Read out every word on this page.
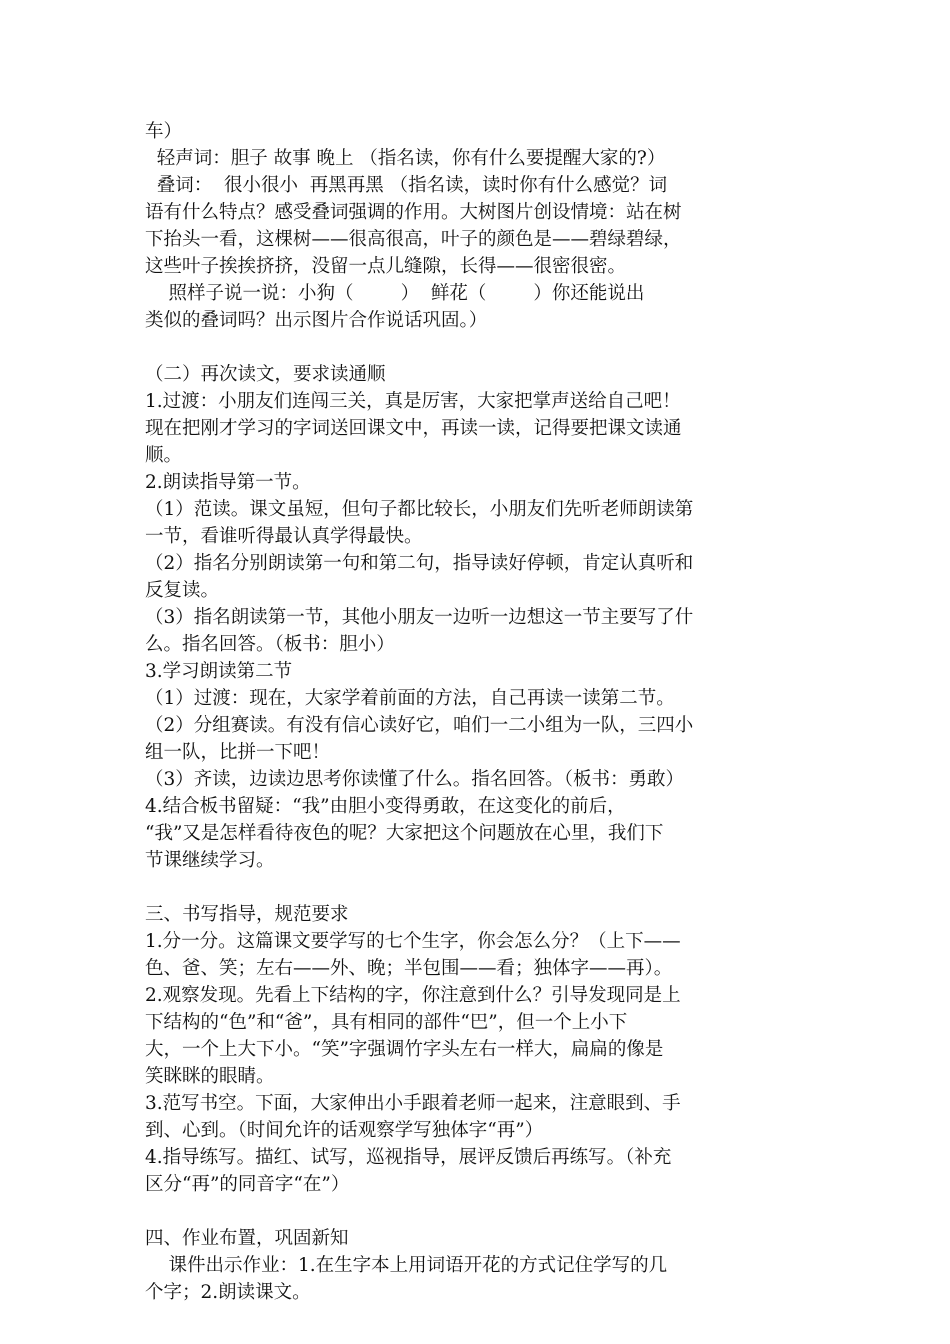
车）

轻声词：胆子 故事 晚上 （指名读，你有什么要提醒大家的?）

叠词：  很小很小  再黑再黑 （指名读，读时你有什么感觉？词

语有什么特点？感受叠词强调的作用。大树图片创设情境：站在树

下抬头一看，这棵树——很高很高，叶子的颜色是——碧绿碧绿，

这些叶子挨挨挤挤，没留一点儿缝隙，长得——很密很密。

照样子说一说：小狗（        ）  鲜花（        ）你还能说出

类似的叠词吗？出示图片合作说话巩固。）

（二）再次读文，要求读通顺

1.过渡：小朋友们连闯三关，真是厉害，大家把掌声送给自己吧！

现在把刚才学习的字词送回课文中，再读一读，记得要把课文读通

顺。

2.朗读指导第一节。

（1）范读。课文虽短，但句子都比较长，小朋友们先听老师朗读第

一节，看谁听得最认真学得最快。

（2）指名分别朗读第一句和第二句，指导读好停顿，肯定认真听和

反复读。

（3）指名朗读第一节，其他小朋友一边听一边想这一节主要写了什

么。指名回答。（板书：胆小）

3.学习朗读第二节

（1）过渡：现在，大家学着前面的方法，自己再读一读第二节。

（2）分组赛读。有没有信心读好它，咱们一二小组为一队，三四小

组一队，比拼一下吧！

（3）齐读，边读边思考你读懂了什么。指名回答。（板书：勇敢）

4.结合板书留疑：“我”由胆小变得勇敢，在这变化的前后，

“我”又是怎样看待夜色的呢？大家把这个问题放在心里，我们下

节课继续学习。

三、书写指导，规范要求

1.分一分。这篇课文要学写的七个生字，你会怎么分？（上下——

色、爸、笑；左右——外、晚；半包围——看；独体字——再）。

2.观察发现。先看上下结构的字，你注意到什么？引导发现同是上

下结构的“色”和“爸”，具有相同的部件“巴”，但一个上小下

大，一个上大下小。“笑”字强调竹字头左右一样大，扁扁的像是

笑眯眯的眼睛。

3.范写书空。下面，大家伸出小手跟着老师一起来，注意眼到、手

到、心到。（时间允许的话观察学写独体字“再”）

4.指导练写。描红、试写，巡视指导，展评反馈后再练写。（补充

区分“再”的同音字“在”）

四、作业布置，巩固新知

课件出示作业：1.在生字本上用词语开花的方式记住学写的几

个字；2.朗读课文。
